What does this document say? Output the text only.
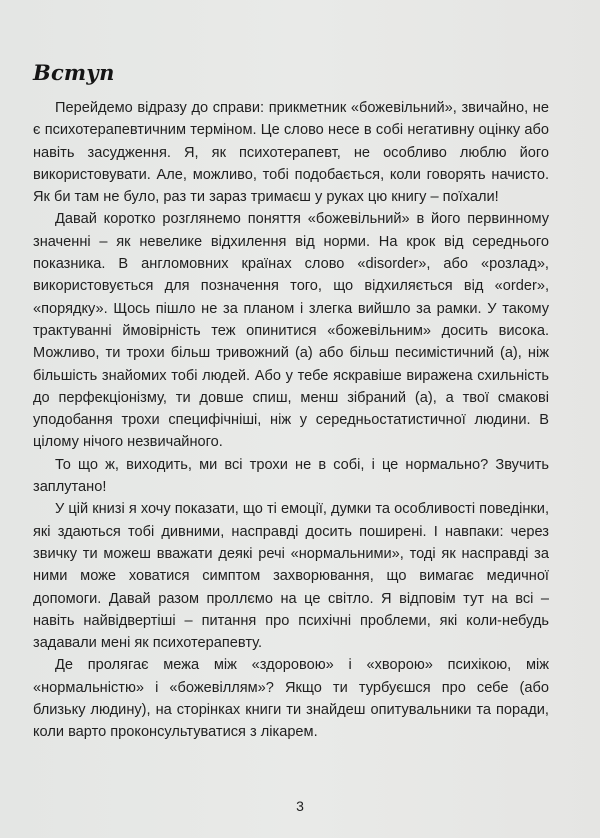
Вступ

Перейдемо відразу до справи: прикметник «божевільний», звичайно, не є психотерапевтичним терміном. Це слово несе в собі негативну оцінку або навіть засудження. Я, як психотерапевт, не особливо люблю його використовувати. Але, можливо, тобі подобається, коли говорять начисто. Як би там не було, раз ти зараз тримаєш у руках цю книгу – поїхали!

Давай коротко розглянемо поняття «божевільний» в його первинному значенні – як невелике відхилення від норми. На крок від середнього показника. В англомовних країнах слово «disorder», або «розлад», використовується для позначення того, що відхиляється від «order», «порядку». Щось пішло не за планом і злегка вийшло за рамки. У такому трактуванні ймовірність теж опинитися «божевільним» досить висока. Можливо, ти трохи більш тривожний (а) або більш песимістичний (а), ніж більшість знайомих тобі людей. Або у тебе яскравіше виражена схильність до перфекціонізму, ти довше спиш, менш зібраний (а), а твої смакові уподобання трохи специфічніші, ніж у середньостатистичної людини. В цілому нічого незвичайного.

То що ж, виходить, ми всі трохи не в собі, і це нормально? Звучить заплутано!

У цій книзі я хочу показати, що ті емоції, думки та особливості поведінки, які здаються тобі дивними, насправді досить поширені. І навпаки: через звичку ти можеш вважати деякі речі «нормальними», тоді як насправді за ними може ховатися симптом захворювання, що вимагає медичної допомоги. Давай разом проллємо на це світло. Я відповім тут на всі – навіть найвідвертіші – питання про психічні проблеми, які коли-небудь задавали мені як психотерапевту.

Де пролягає межа між «здоровою» і «хворою» психікою, між «нормальністю» і «божевіллям»? Якщо ти турбуєшся про себе (або близьку людину), на сторінках книги ти знайдеш опитувальники та поради, коли варто проконсультуватися з лікарем.

3
